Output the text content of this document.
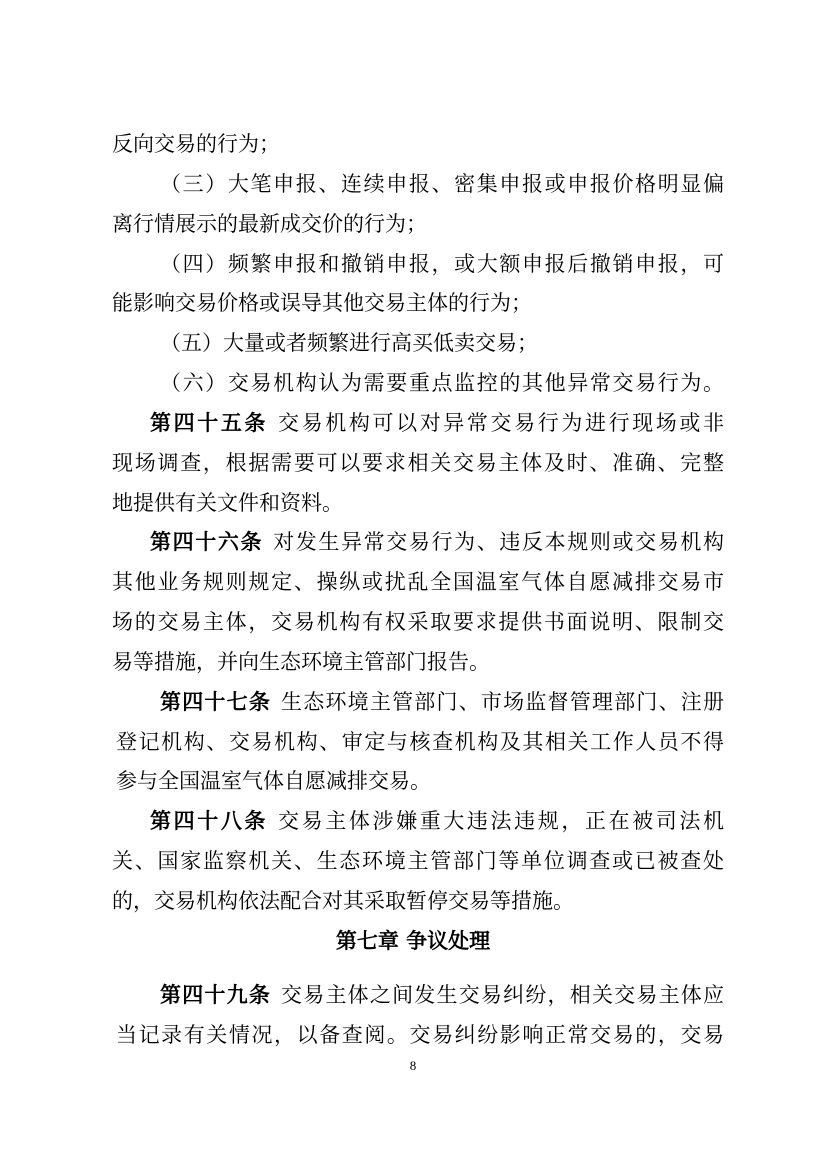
反向交易的行为；
（三）大笔申报、连续申报、密集申报或申报价格明显偏
离行情展示的最新成交价的行为；
（四）频繁申报和撤销申报，或大额申报后撤销申报，可
能影响交易价格或误导其他交易主体的行为；
（五）大量或者频繁进行高买低卖交易；
（六）交易机构认为需要重点监控的其他异常交易行为。
第四十五条 交易机构可以对异常交易行为进行现场或非
现场调查，根据需要可以要求相关交易主体及时、准确、完整
地提供有关文件和资料。
第四十六条 对发生异常交易行为、违反本规则或交易机构
其他业务规则规定、操纵或扰乱全国温室气体自愿减排交易市
场的交易主体，交易机构有权采取要求提供书面说明、限制交
易等措施，并向生态环境主管部门报告。
第四十七条 生态环境主管部门、市场监督管理部门、注册
登记机构、交易机构、审定与核查机构及其相关工作人员不得
参与全国温室气体自愿减排交易。
第四十八条 交易主体涉嫌重大违法违规，正在被司法机
关、国家监察机关、生态环境主管部门等单位调查或已被查处
的，交易机构依法配合对其采取暂停交易等措施。
第七章 争议处理
第四十九条 交易主体之间发生交易纠纷，相关交易主体应
当记录有关情况，以备查阅。交易纠纷影响正常交易的，交易
8
